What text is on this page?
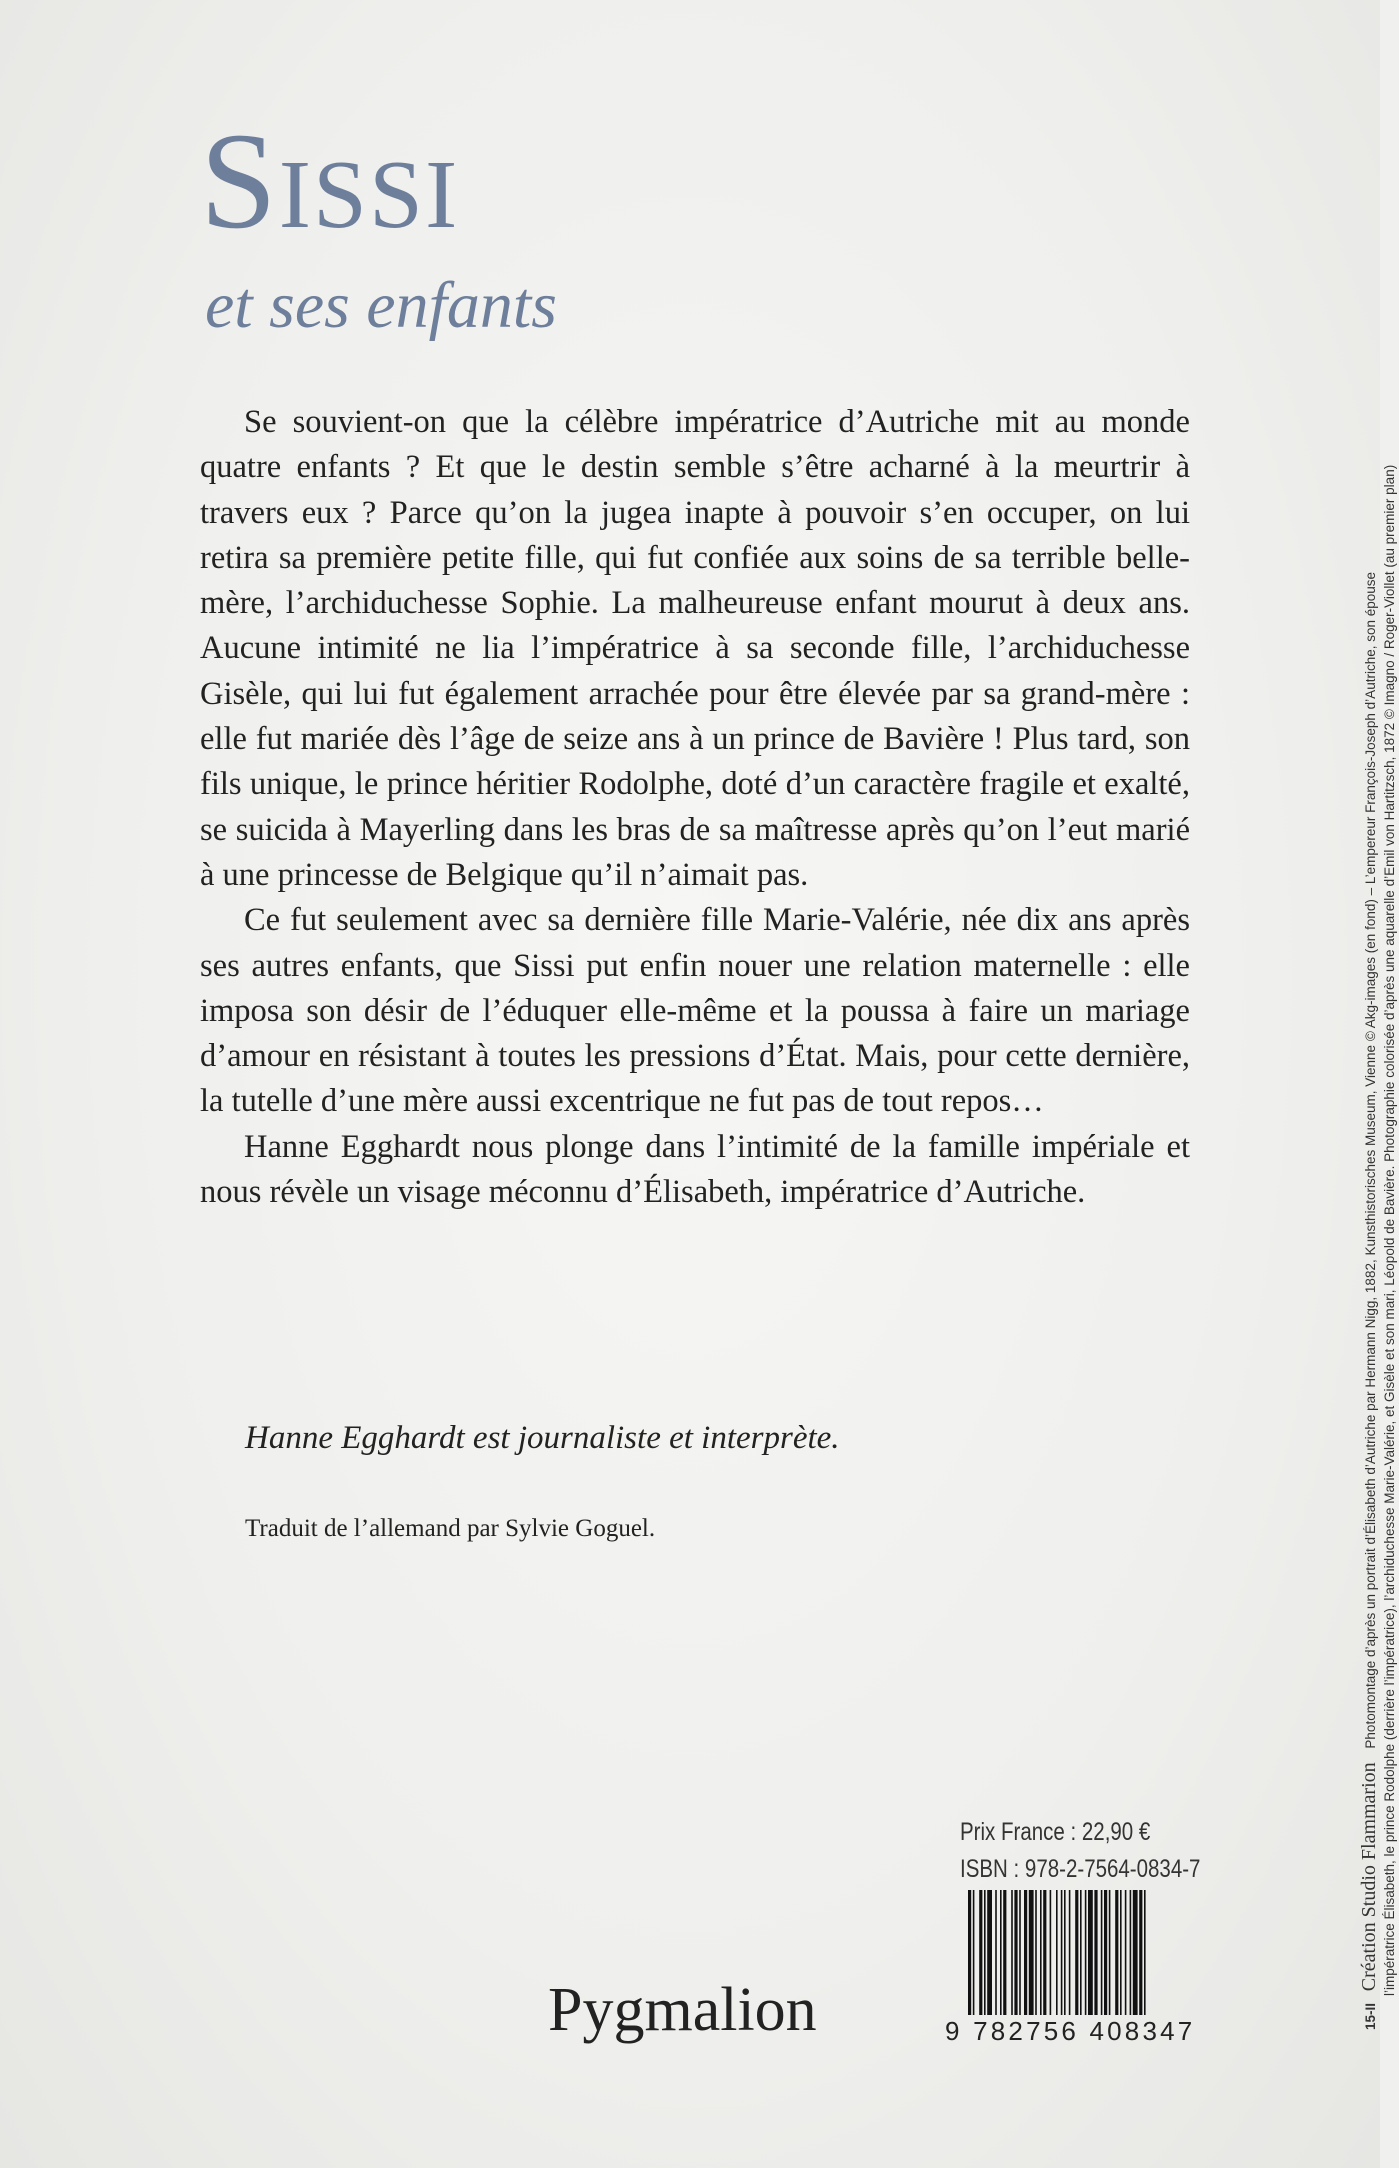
Sissi
et ses enfants

Se souvient-on que la célèbre impératrice d’Autriche mit au monde quatre enfants ? Et que le destin semble s’être acharné à la meurtrir à travers eux ? Parce qu’on la jugea inapte à pouvoir s’en occuper, on lui retira sa première petite fille, qui fut confiée aux soins de sa terrible belle-mère, l’archiduchesse Sophie. La malheureuse enfant mourut à deux ans. Aucune intimité ne lia l’impératrice à sa seconde fille, l’archiduchesse Gisèle, qui lui fut également arrachée pour être élevée par sa grand-mère : elle fut mariée dès l’âge de seize ans à un prince de Bavière ! Plus tard, son fils unique, le prince héritier Rodolphe, doté d’un caractère fragile et exalté, se suicida à Mayerling dans les bras de sa maîtresse après qu’on l’eut marié à une princesse de Belgique qu’il n’aimait pas.

Ce fut seulement avec sa dernière fille Marie-Valérie, née dix ans après ses autres enfants, que Sissi put enfin nouer une relation maternelle : elle imposa son désir de l’éduquer elle-même et la poussa à faire un mariage d’amour en résistant à toutes les pressions d’État. Mais, pour cette dernière, la tutelle d’une mère aussi excentrique ne fut pas de tout repos…

Hanne Egghardt nous plonge dans l’intimité de la famille impériale et nous révèle un visage méconnu d’Élisabeth, impératrice d’Autriche.

Hanne Egghardt est journaliste et interprète.
Traduit de l’allemand par Sylvie Goguel.
Prix France : 22,90 €
ISBN : 978-2-7564-0834-7
9 782756 408347
Pygmalion	15-II Création Studio Flammarion Photomontage d’après un portrait d’Élisabeth d’Autriche par Hermann Nigg, 1882, Kunsthistorisches Museum, Vienne © Akg-images (en fond) – L’empereur François-Joseph d’Autriche, son épouse l’impératrice Élisabeth, le prince Rodolphe (derrière l’impératrice), l’archiduchesse Marie-Valérie, et Gisèle et son mari, Léopold de Bavière. Photographie colorisée d’après une aquarelle d’Emil von Hartitzsch, 1872 © Imagno / Roger-Viollet (au premier plan)
